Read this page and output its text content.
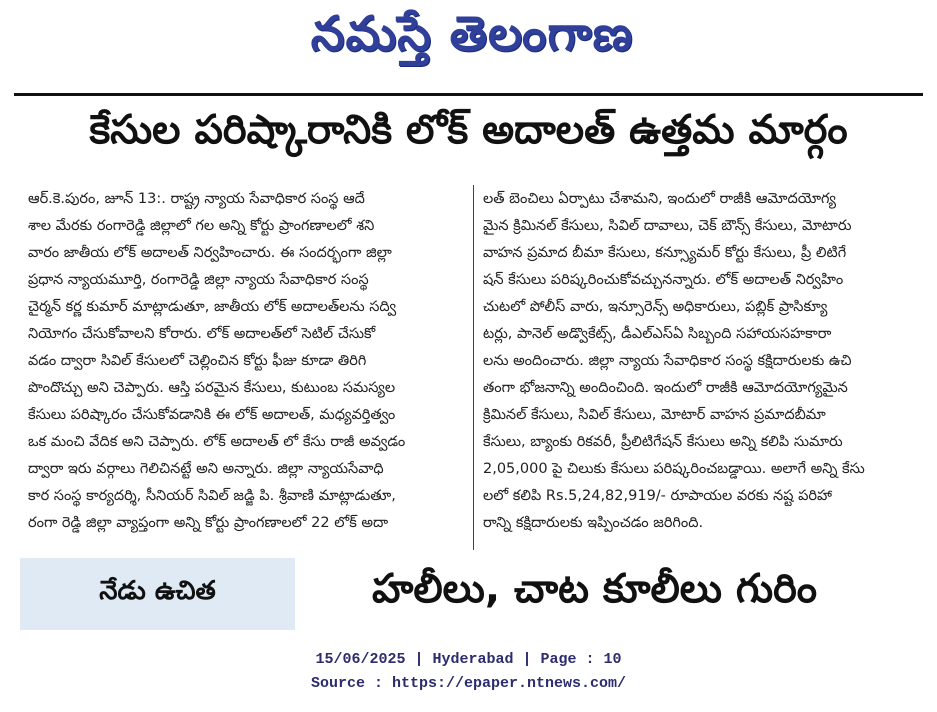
నమస్తే తెలంగాణ
కేసుల పరిష్కారానికి లోక్ అదాలత్ ఉత్తమ మార్గం
ఆర్.కె.పురం, జూన్ 13:. రాష్ట్ర న్యాయ సేవాధికార సంస్థ ఆదే
శాల మేరకు రంగారెడ్డి జిల్లాలో గల అన్ని కోర్టు ప్రాంగణాలలో శని
వారం జాతీయ లోక్ అదాలత్ నిర్వహించారు. ఈ సందర్భంగా జిల్లా
ప్రధాన న్యాయమూర్తి, రంగారెడ్డి జిల్లా న్యాయ సేవాధికార సంస్థ
చైర్మన్ కర్ణ కుమార్ మాట్లాడుతూ, జాతీయ లోక్ అదాలత్‌లను సద్వి
నియోగం చేసుకోవాలని కోరారు. లోక్ అదాలత్‌లో సెటిల్ చేసుకో
వడం ద్వారా సివిల్ కేసులలో చెల్లించిన కోర్టు ఫీజు కూడా తిరిగి
పొందొచ్చు అని చెప్పారు. ఆస్తి పరమైన కేసులు, కుటుంబ సమస్యల
కేసులు పరిష్కారం చేసుకోవడానికి ఈ లోక్ అదాలత్, మధ్యవర్తిత్వం
ఒక మంచి వేదిక అని చెప్పారు. లోక్ అదాలత్ లో కేసు రాజీ అవ్వడం
ద్వారా ఇరు వర్గాలు గెలిచినట్టే అని అన్నారు. జిల్లా న్యాయసేవాధి
కార సంస్థ కార్యదర్శి, సీనియర్ సివిల్ జడ్జి పి. శ్రీవాణి మాట్లాడుతూ,
రంగా రెడ్డి జిల్లా వ్యాప్తంగా అన్ని కోర్టు ప్రాంగణాలలో 22 లోక్ అదా
లత్ బెంచిలు ఏర్పాటు చేశామని, ఇందులో రాజీకి ఆమోదయోగ్య
మైన క్రిమినల్ కేసులు, సివిల్ దావాలు, చెక్ బౌన్స్ కేసులు, మోటారు
వాహన ప్రమాద బీమా కేసులు, కన్స్యూమర్ కోర్టు కేసులు, ప్రీ లిటిగే
షన్ కేసులు పరిష్కరించుకోవచ్చునన్నారు. లోక్ అదాలత్ నిర్వహిం
చుటలో పోలీస్ వారు, ఇన్సూరెన్స్ అధికారులు, పబ్లిక్ ప్రాసిక్యూ
టర్లు, పానెల్ అడ్వొకేట్స్, డీఎల్ఎస్ఏ సిబ్బంది సహాయసహకారా
లను అందించారు. జిల్లా న్యాయ సేవాధికార సంస్థ కక్షిదారులకు ఉచి
తంగా భోజనాన్ని అందించింది. ఇందులో రాజీకి ఆమోదయోగ్యమైన
క్రిమినల్ కేసులు, సివిల్ కేసులు, మోటార్ వాహన ప్రమాదబీమా
కేసులు, బ్యాంకు రికవరీ, ప్రీలిటిగేషన్ కేసులు అన్ని కలిపి సుమారు
2,05,000 పై చిలుకు కేసులు పరిష్కరించబడ్డాయి. అలాగే అన్ని కేసు
లలో కలిపి Rs.5,24,82,919/- రూపాయల వరకు నష్ట పరిహా
రాన్ని కక్షిదారులకు ఇప్పించడం జరిగింది.
నేడు ఉచిత	హలీలు, చాట కూలీలు గురిం
15/06/2025 | Hyderabad | Page : 10
Source : https://epaper.ntnews.com/
